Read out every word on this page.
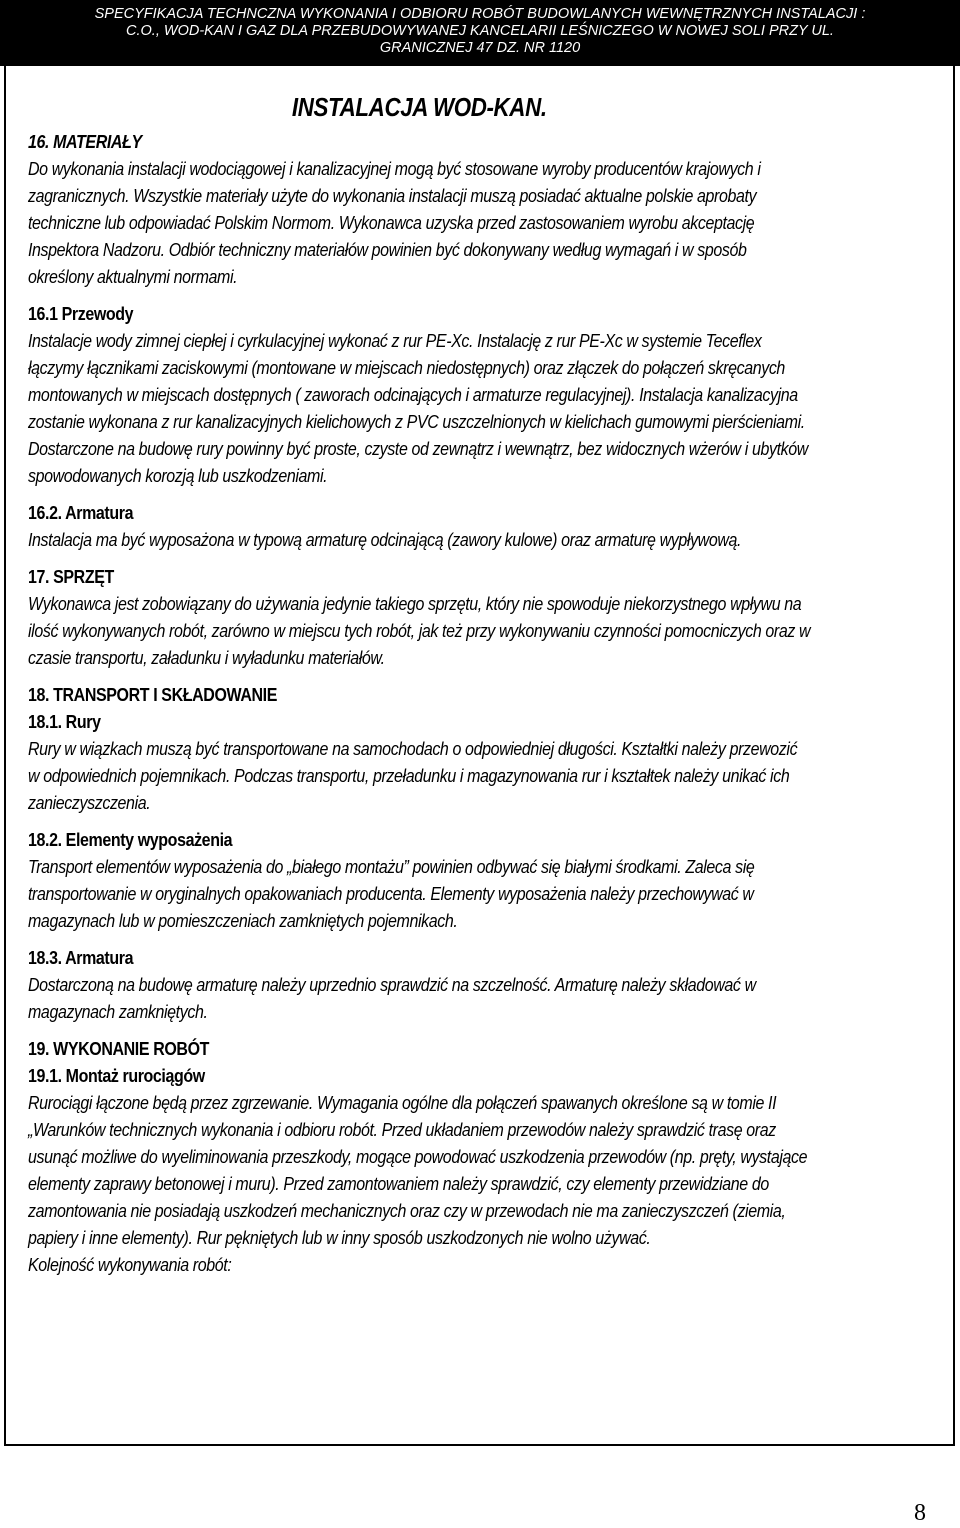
SPECYFIKACJA TECHNCZNA WYKONANIA I ODBIORU ROBÓT BUDOWLANYCH WEWNĘTRZNYCH INSTALACJI :
C.O., WOD-KAN I GAZ DLA PRZEBUDOWYWANEJ KANCELARII LEŚNICZEGO W NOWEJ SOLI PRZY UL.
GRANICZNEJ 47 DZ. NR 1120

INSTALACJA WOD-KAN.

16. MATERIAŁY

Do wykonania instalacji wodociągowej i kanalizacyjnej mogą być stosowane wyroby producentów krajowych i zagranicznych. Wszystkie materiały użyte do wykonania instalacji muszą posiadać aktualne polskie aprobaty techniczne lub odpowiadać Polskim Normom. Wykonawca uzyska przed zastosowaniem wyrobu akceptację Inspektora Nadzoru. Odbiór techniczny materiałów powinien być dokonywany według wymagań i w sposób określony aktualnymi normami.

16.1 Przewody

Instalacje wody zimnej ciepłej i cyrkulacyjnej wykonać z rur PE-Xc. Instalację z rur PE-Xc w systemie Teceflex łączymy łącznikami zaciskowymi (montowane w miejscach niedostępnych) oraz złączek do połączeń skręcanych montowanych w miejscach dostępnych ( zaworach odcinających i armaturze regulacyjnej). Instalacja kanalizacyjna zostanie wykonana z rur kanalizacyjnych kielichowych z PVC uszczelnionych w kielichach gumowymi pierścieniami. Dostarczone na budowę rury powinny być proste, czyste od zewnątrz i wewnątrz, bez widocznych wżerów i ubytków spowodowanych korozją lub uszkodzeniami.

16.2. Armatura

Instalacja ma być wyposażona w typową armaturę odcinającą (zawory kulowe) oraz armaturę wypływową.

17. SPRZĘT

Wykonawca jest zobowiązany do używania jedynie takiego sprzętu, który nie spowoduje niekorzystnego wpływu na ilość wykonywanych robót, zarówno w miejscu tych robót, jak też przy wykonywaniu czynności pomocniczych oraz w czasie transportu, załadunku i wyładunku materiałów.

18. TRANSPORT I SKŁADOWANIE

18.1. Rury

Rury w wiązkach muszą być transportowane na samochodach o odpowiedniej długości. Kształtki należy przewozić w odpowiednich pojemnikach. Podczas transportu, przeładunku i magazynowania rur i kształtek należy unikać ich zanieczyszczenia.

18.2. Elementy wyposażenia

Transport elementów wyposażenia do „białego montażu” powinien odbywać się białymi środkami. Zaleca się transportowanie w oryginalnych opakowaniach producenta. Elementy wyposażenia należy przechowywać w magazynach lub w pomieszczeniach zamkniętych pojemnikach.

18.3. Armatura

Dostarczoną na budowę armaturę należy uprzednio sprawdzić na szczelność. Armaturę należy składować w magazynach zamkniętych.

19. WYKONANIE ROBÓT

19.1. Montaż rurociągów

Rurociągi łączone będą przez zgrzewanie. Wymagania ogólne dla połączeń spawanych określone są w tomie II „Warunków technicznych wykonania i odbioru robót. Przed układaniem przewodów należy sprawdzić trasę oraz usunąć możliwe do wyeliminowania przeszkody, mogące powodować uszkodzenia przewodów (np. pręty, wystające elementy zaprawy betonowej i muru). Przed zamontowaniem należy sprawdzić, czy elementy przewidziane do zamontowania nie posiadają uszkodzeń mechanicznych oraz czy w przewodach nie ma zanieczyszczeń (ziemia, papiery i inne elementy). Rur pękniętych lub w inny sposób uszkodzonych nie wolno używać.

Kolejność wykonywania robót:

8
